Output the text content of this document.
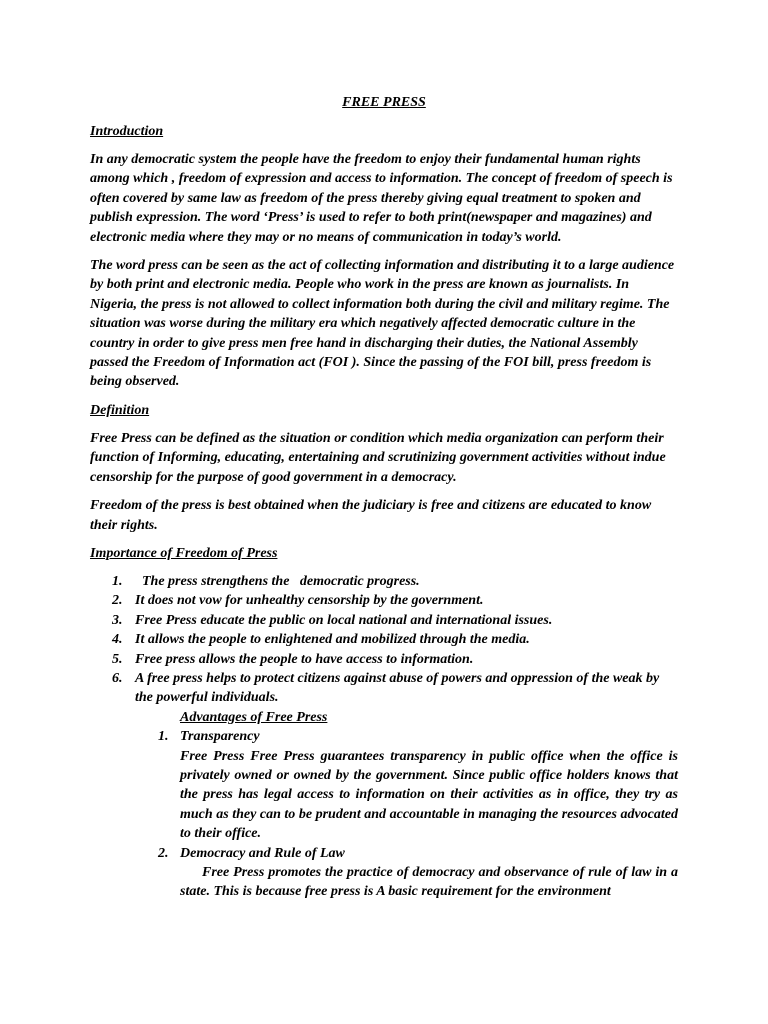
FREE PRESS
Introduction

In any democratic system the people have the freedom to enjoy their fundamental human rights among which , freedom of expression and access to information. The concept of freedom of speech is often covered by same law as freedom of the press thereby giving equal treatment to spoken and publish expression. The word ‘Press’ is used to refer to both print(newspaper and magazines) and electronic media where they may or no means of communication in today’s world.

The word press can be seen as the act of collecting information and distributing it to a large audience by both print and electronic media. People who work in the press are known as journalists. In Nigeria, the press is not allowed to collect information both during the civil and military regime. The situation was worse during the military era which negatively affected democratic culture in the country in order to give press men free hand in discharging their duties, the National Assembly passed the Freedom of Information act (FOI ). Since the passing of the FOI bill, press freedom is being observed.

Definition

Free Press can be defined as the situation or condition which media organization can perform their function of Informing, educating, entertaining and scrutinizing government activities without indue censorship for the purpose of good government in a democracy.

Freedom of the press is best obtained when the judiciary is free and citizens are educated to know their rights.

Importance of Freedom of Press
1. The press strengthens the   democratic progress.
2. It does not vow for unhealthy censorship by the government.
3. Free Press educate the public on local national and international issues.
4. It allows the people to enlightened and mobilized through the media.
5. Free press allows the people to have access to information.
6. A free press helps to protect citizens against abuse of powers and oppression of the weak by the powerful individuals.
Advantages of Free Press
1. Transparency
Free Press Free Press guarantees transparency in public office when the office is privately owned or owned by the government. Since public office holders knows that the press has legal access to information on their activities as in office, they try as much as they can to be prudent and accountable in managing the resources advocated to their office.
2. Democracy and Rule of Law
Free Press promotes the practice of democracy and observance of rule of law in a state. This is because free press is A basic requirement for the environment
